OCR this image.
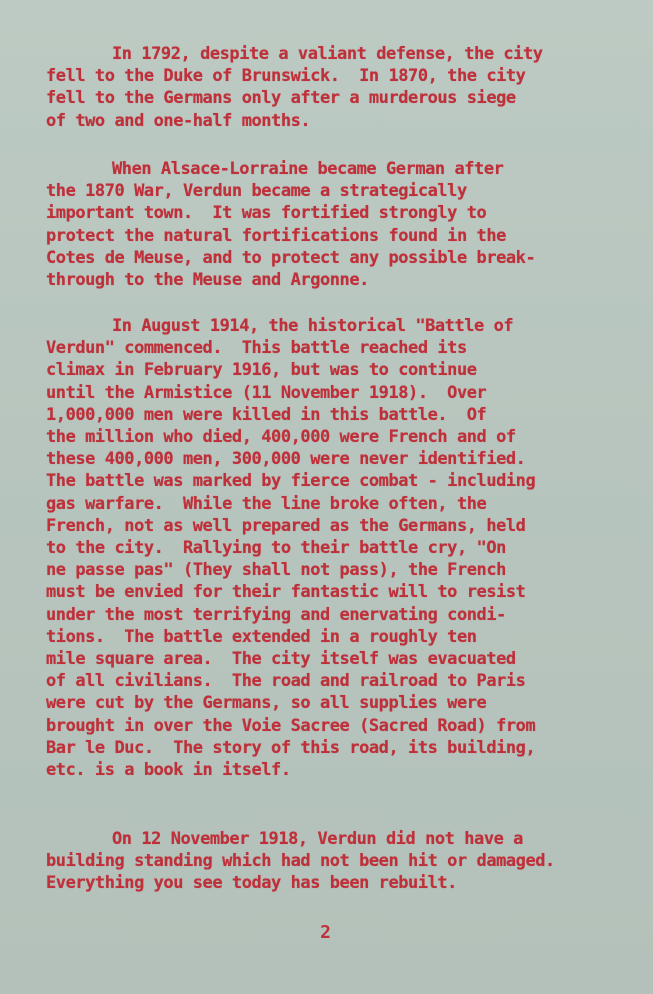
In 1792, despite a valiant defense, the city
fell to the Duke of Brunswick.  In 1870, the city
fell to the Germans only after a murderous siege
of two and one-half months.
When Alsace-Lorraine became German after
the 1870 War, Verdun became a strategically
important town.  It was fortified strongly to
protect the natural fortifications found in the
Cotes de Meuse, and to protect any possible break-
through to the Meuse and Argonne.
In August 1914, the historical "Battle of
Verdun" commenced.  This battle reached its
climax in February 1916, but was to continue
until the Armistice (11 November 1918).  Over
1,000,000 men were killed in this battle.  Of
the million who died, 400,000 were French and of
these 400,000 men, 300,000 were never identified.
The battle was marked by fierce combat - including
gas warfare.  While the line broke often, the
French, not as well prepared as the Germans, held
to the city.  Rallying to their battle cry, "On
ne passe pas" (They shall not pass), the French
must be envied for their fantastic will to resist
under the most terrifying and enervating condi-
tions.  The battle extended in a roughly ten
mile square area.  The city itself was evacuated
of all civilians.  The road and railroad to Paris
were cut by the Germans, so all supplies were
brought in over the Voie Sacree (Sacred Road) from
Bar le Duc.  The story of this road, its building,
etc. is a book in itself.
On 12 November 1918, Verdun did not have a
building standing which had not been hit or damaged.
Everything you see today has been rebuilt.
2
